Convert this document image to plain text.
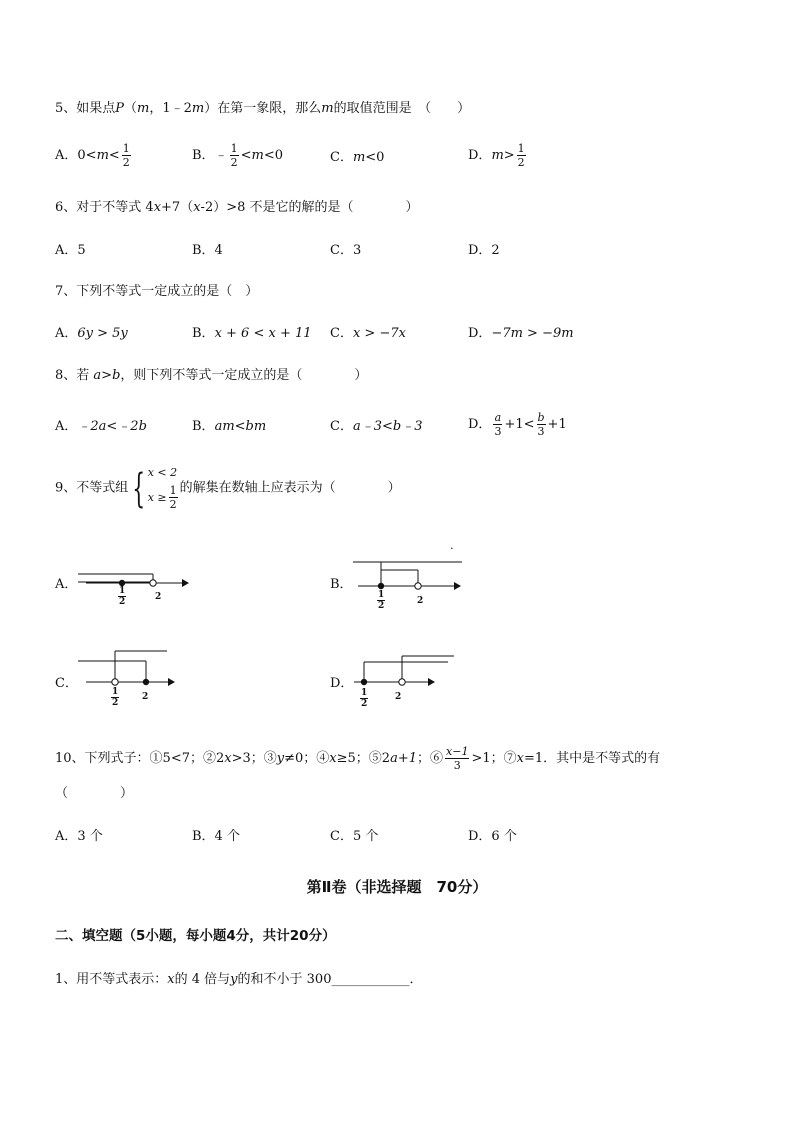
5、如果点P（m，1﹣2m）在第一象限，那么m的取值范围是　（　　）
A．$0<m< \frac{1}{2}$	B．﹣ $\frac{1}{2} <m<0$	C．m<0	D．$m> \frac{1}{2}$
6、对于不等式 4x+7（x-2）>8 不是它的解的是（　　　　）
A．5	B．4	C．3	D．2
7、下列不等式一定成立的是（　）
A．6y > 5y	B．x + 6 < x + 11 C．x > −7x	D．−7m > −9m
8、若 a>b，则下列不等式一定成立的是（　　　　）
A．﹣2a<﹣2b	B．am<bm	C．a﹣3<b﹣3	D． $\frac{a}{3} +1< \frac{b}{3} +1$
9、不等式组 { x < 2
$x \ge \frac{1}{2}$ 的解集在数轴上应表示为（　　　　）
.
A．
$\frac{1}{2}$	2
B．
$\frac{1}{2}$	2
C．
$\frac{1}{2}$	2
D．
$\frac{1}{2}$	2
10、下列式子：①5<7；②2x>3；③y≠0；④x≥5；⑤2a+1；⑥ $\frac{x-1}{3} >1$；⑦x=1．其中是不等式的有
（　　　　）
A．3 个	B．4 个	C．5 个	D．6 个
第Ⅱ卷（非选择题　70分）
二、填空题（5小题，每小题4分，共计20分）
1、用不等式表示：x的 4 倍与y的和不小于 300____________．
